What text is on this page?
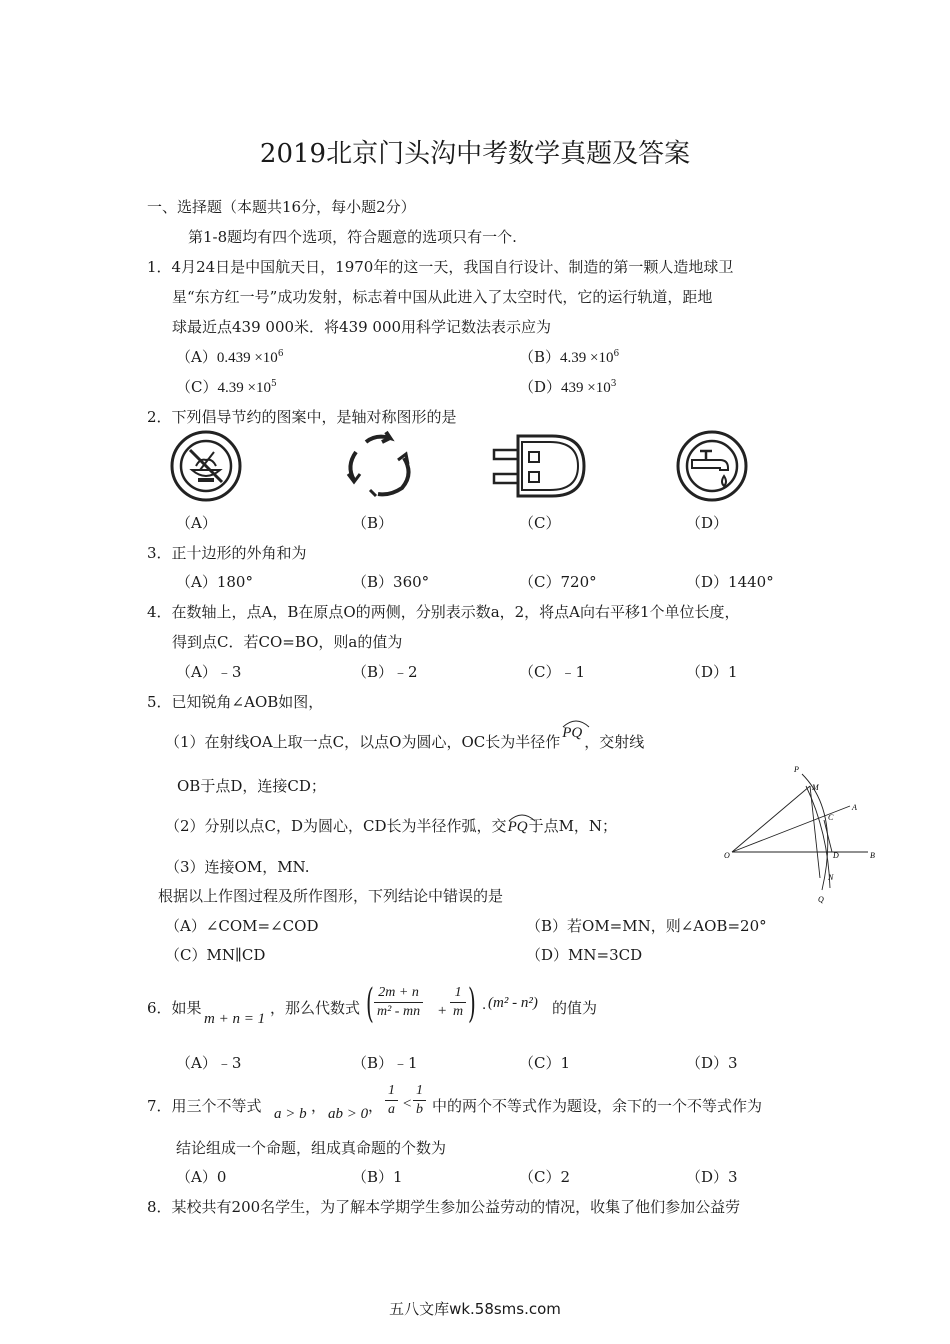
2019北京门头沟中考数学真题及答案
一、选择题（本题共16分，每小题2分）
第1-8题均有四个选项，符合题意的选项只有一个.
1．4月24日是中国航天日，1970年的这一天，我国自行设计、制造的第一颗人造地球卫
星“东方红一号”成功发射，标志着中国从此进入了太空时代，它的运行轨道，距地
球最近点439 000米．将439 000用科学记数法表示应为
$(A)0.439 \times 10^6$	$(B)4.39 \times 10^6$
$(C)4.39 \times 10^5$	$(D)439 \times 10^3$
2．下列倡导节约的图案中，是轴对称图形的是
（A）	（B）	（C）	（D）
3．正十边形的外角和为
（A）180°	（B）360°	（C）720°	（D）1440°
4．在数轴上，点A，B在原点O的两侧，分别表示数a，2，将点A向右平移1个单位长度，
得到点C．若CO=BO，则a的值为
（A）﹣3	（B）﹣2	（C）﹣1	（D）1
5．已知锐角∠AOB如图，
（1）在射线OA上取一点C，以点O为圆心，OC长为半径作 PQ ，交射线
OB于点D，连接CD；
（2）分别以点C，D为圆心，CD长为半径作弧，交
PQ于点M，N；
（3）连接OM，MN.
根据以上作图过程及所作图形，下列结论中错误的是
P
M
A
C
O	D	B
N
Q
（A）∠COM=∠COD	（B）若OM=MN，则∠AOB=20°
（C）MN∥CD	（D）MN=3CD
6．如果
m + n = 1
，那么代数式 ( $\frac{2m + n}{\text{m² - mn}} + \frac{1}{m}$ ) · (m² - n²) 的值为
（A）﹣3	（B）﹣1	（C）1	（D）3
7．用三个不等式 a > b ， ab > 0 ， $\frac{1}{a} < \frac{1}{b}$ 中的两个不等式作为题设，余下的一个不等式作为
结论组成一个命题，组成真命题的个数为
（A）0	（B）1	（C）2	（D）3
8．某校共有200名学生，为了解本学期学生参加公益劳动的情况，收集了他们参加公益劳
五八文库wk.58sms.com
